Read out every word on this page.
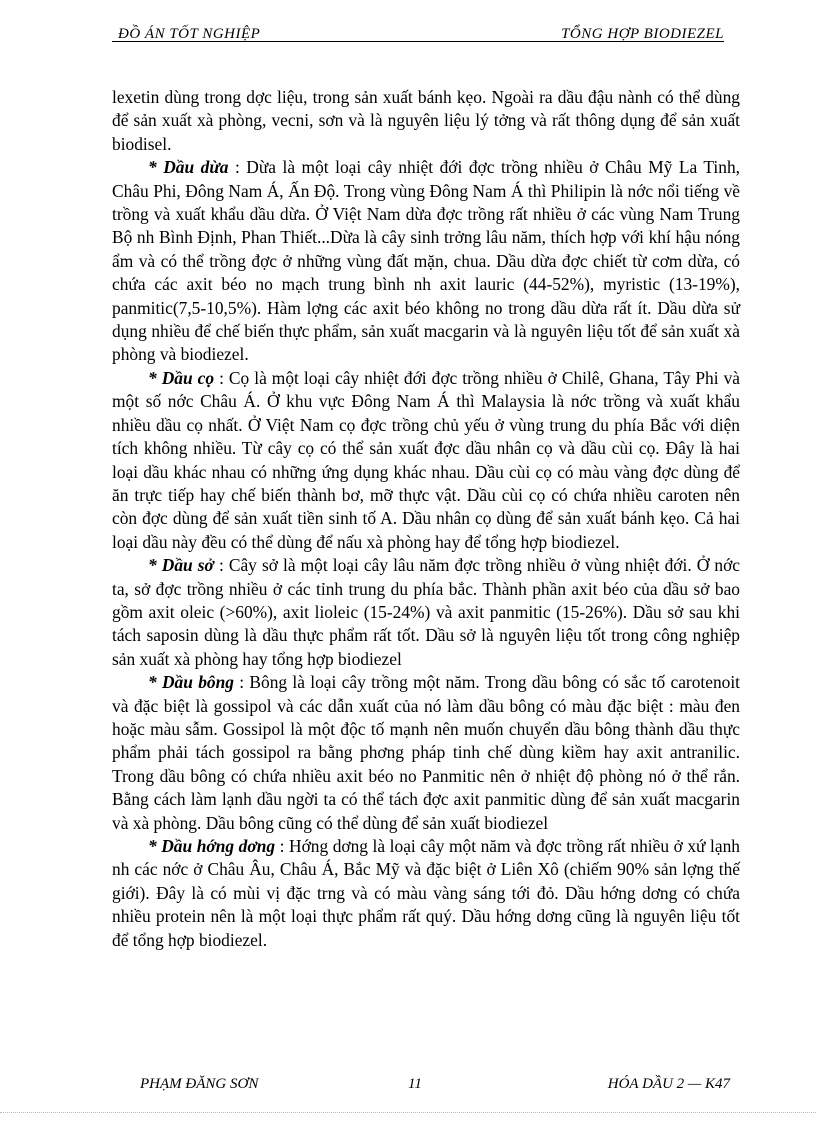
ĐỒ ÁN TỐT NGHIỆP	TỔNG HỢP BIODIEZEL

lexetin dùng trong dợc liệu, trong sản xuất bánh kẹo. Ngoài ra dầu đậu nành có thể dùng để sản xuất xà phòng, vecni, sơn và là nguyên liệu lý tởng và rất thông dụng để sản xuất biodisel.

* Dầu dừa : Dừa là một loại cây nhiệt đới đợc trồng nhiều ở Châu Mỹ La Tinh, Châu Phi, Đông Nam Á, Ấn Độ. Trong vùng Đông Nam Á thì Philipin là nớc nổi tiếng về trồng và xuất khẩu dầu dừa. Ở Việt Nam dừa đợc trồng rất nhiều ở các vùng Nam Trung Bộ nh Bình Định, Phan Thiết...Dừa là cây sinh trởng lâu năm, thích hợp với khí hậu nóng ẩm và có thể trồng đợc ở những vùng đất mặn, chua. Dầu dừa đợc chiết từ cơm dừa, có chứa các axit béo no mạch trung bình nh axit lauric (44-52%), myristic (13-19%), panmitic(7,5-10,5%). Hàm lợng các axit béo không no trong dầu dừa rất ít. Dầu dừa sử dụng nhiều để chế biến thực phẩm, sản xuất macgarin và là nguyên liệu tốt để sản xuất xà phòng và biodiezel.

* Dầu cọ : Cọ là một loại cây nhiệt đới đợc trồng nhiều ở Chilê, Ghana, Tây Phi và một số nớc Châu Á. Ở khu vực Đông Nam Á thì Malaysia là nớc trồng và xuất khẩu nhiều dầu cọ nhất. Ở Việt Nam cọ đợc trồng chủ yếu ở vùng trung du phía Bắc với diện tích không nhiều. Từ cây cọ có thể sản xuất đợc dầu nhân cọ và dầu cùi cọ. Đây là hai loại dầu khác nhau có những ứng dụng khác nhau. Dầu cùi cọ có màu vàng đợc dùng để ăn trực tiếp hay chế biến thành bơ, mỡ thực vật. Dầu cùi cọ có chứa nhiều caroten nên còn đợc dùng để sản xuất tiền sinh tố A. Dầu nhân cọ dùng để sản xuất bánh kẹo. Cả hai loại dầu này đều có thể dùng để nấu xà phòng hay để tổng hợp biodiezel.

* Dầu sở : Cây sở là một loại cây lâu năm đợc trồng nhiều ở vùng nhiệt đới. Ở nớc ta, sở đợc trồng nhiều ở các tỉnh trung du phía bắc. Thành phần axit béo của dầu sở bao gồm axit oleic (>60%), axit lioleic (15-24%) và axit panmitic (15-26%). Dầu sở sau khi tách saposin dùng là dầu thực phẩm rất tốt. Dầu sở là nguyên liệu tốt trong công nghiệp sản xuất xà phòng hay tổng hợp biodiezel

* Dầu bông : Bông là loại cây trồng một năm. Trong dầu bông có sắc tố carotenoit và đặc biệt là gossipol và các dẫn xuất của nó làm dầu bông có màu đặc biệt : màu đen hoặc màu sẫm. Gossipol là một độc tố mạnh nên muốn chuyển dầu bông thành dầu thực phẩm phải tách gossipol ra bằng phơng pháp tinh chế dùng kiềm hay axit antranilic. Trong dầu bông có chứa nhiều axit béo no Panmitic nên ở nhiệt độ phòng nó ở thể rắn. Bằng cách làm lạnh dầu ngời ta có thể tách đợc axit panmitic dùng để sản xuất macgarin và xà phòng. Dầu bông cũng có thể dùng để sản xuất biodiezel

* Dầu hớng dơng : Hớng dơng là loại cây một năm và đợc trồng rất nhiều ở xứ lạnh nh các nớc ở Châu Âu, Châu Á, Bắc Mỹ và đặc biệt ở Liên Xô (chiếm 90% sản lợng thế giới). Đây là có mùi vị đặc trng và có màu vàng sáng tới đỏ. Dầu hớng dơng có chứa nhiều protein nên là một loại thực phẩm rất quý. Dầu hớng dơng cũng là nguyên liệu tốt để tổng hợp biodiezel.

PHẠM ĐĂNG SƠN	11	HÓA DẦU 2 — K47
